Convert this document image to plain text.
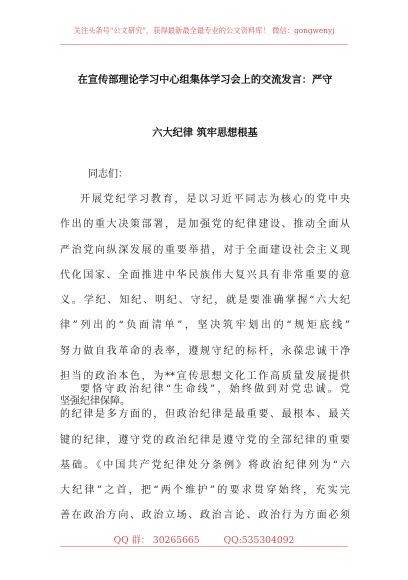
关注头条号"公文研究"，获得最新最全最专业的公文资料库！ 微信：gongwenyj
在宣传部理论学习中心组集体学习会上的交流发言：严守
六大纪律 筑牢思想根基
同志们：
开展党纪学习教育，是以习近平同志为核心的党中央
作出的重大决策部署，是加强党的纪律建设、推动全面从
严治党向纵深发展的重要举措，对于全面建设社会主义现
代化国家、全面推进中华民族伟大复兴具有非常重要的意
义。学纪、知纪、明纪、守纪，就是要准确掌握“六大纪
律”列出的“负面清单”，坚决筑牢划出的“规矩底线”
努力做自我革命的表率，遵规守纪的标杆，永葆忠诚干净
担当的政治本色，为**宣传思想文化工作高质量发展提供
坚强纪律保障。
要恪守政治纪律“生命线”，始终做到对党忠诚。党
的纪律是多方面的，但政治纪律是最重要、最根本、最关
键的纪律，遵守党的政治纪律是遵守党的全部纪律的重要
基础。《中国共产党纪律处分条例》将政治纪律列为“六
大纪律”之首，把“两个维护”的要求贯穿始终，充实完
善在政治方向、政治立场、政治言论、政治行为方面必须
QQ 群： 30265665	QQ:535304092
